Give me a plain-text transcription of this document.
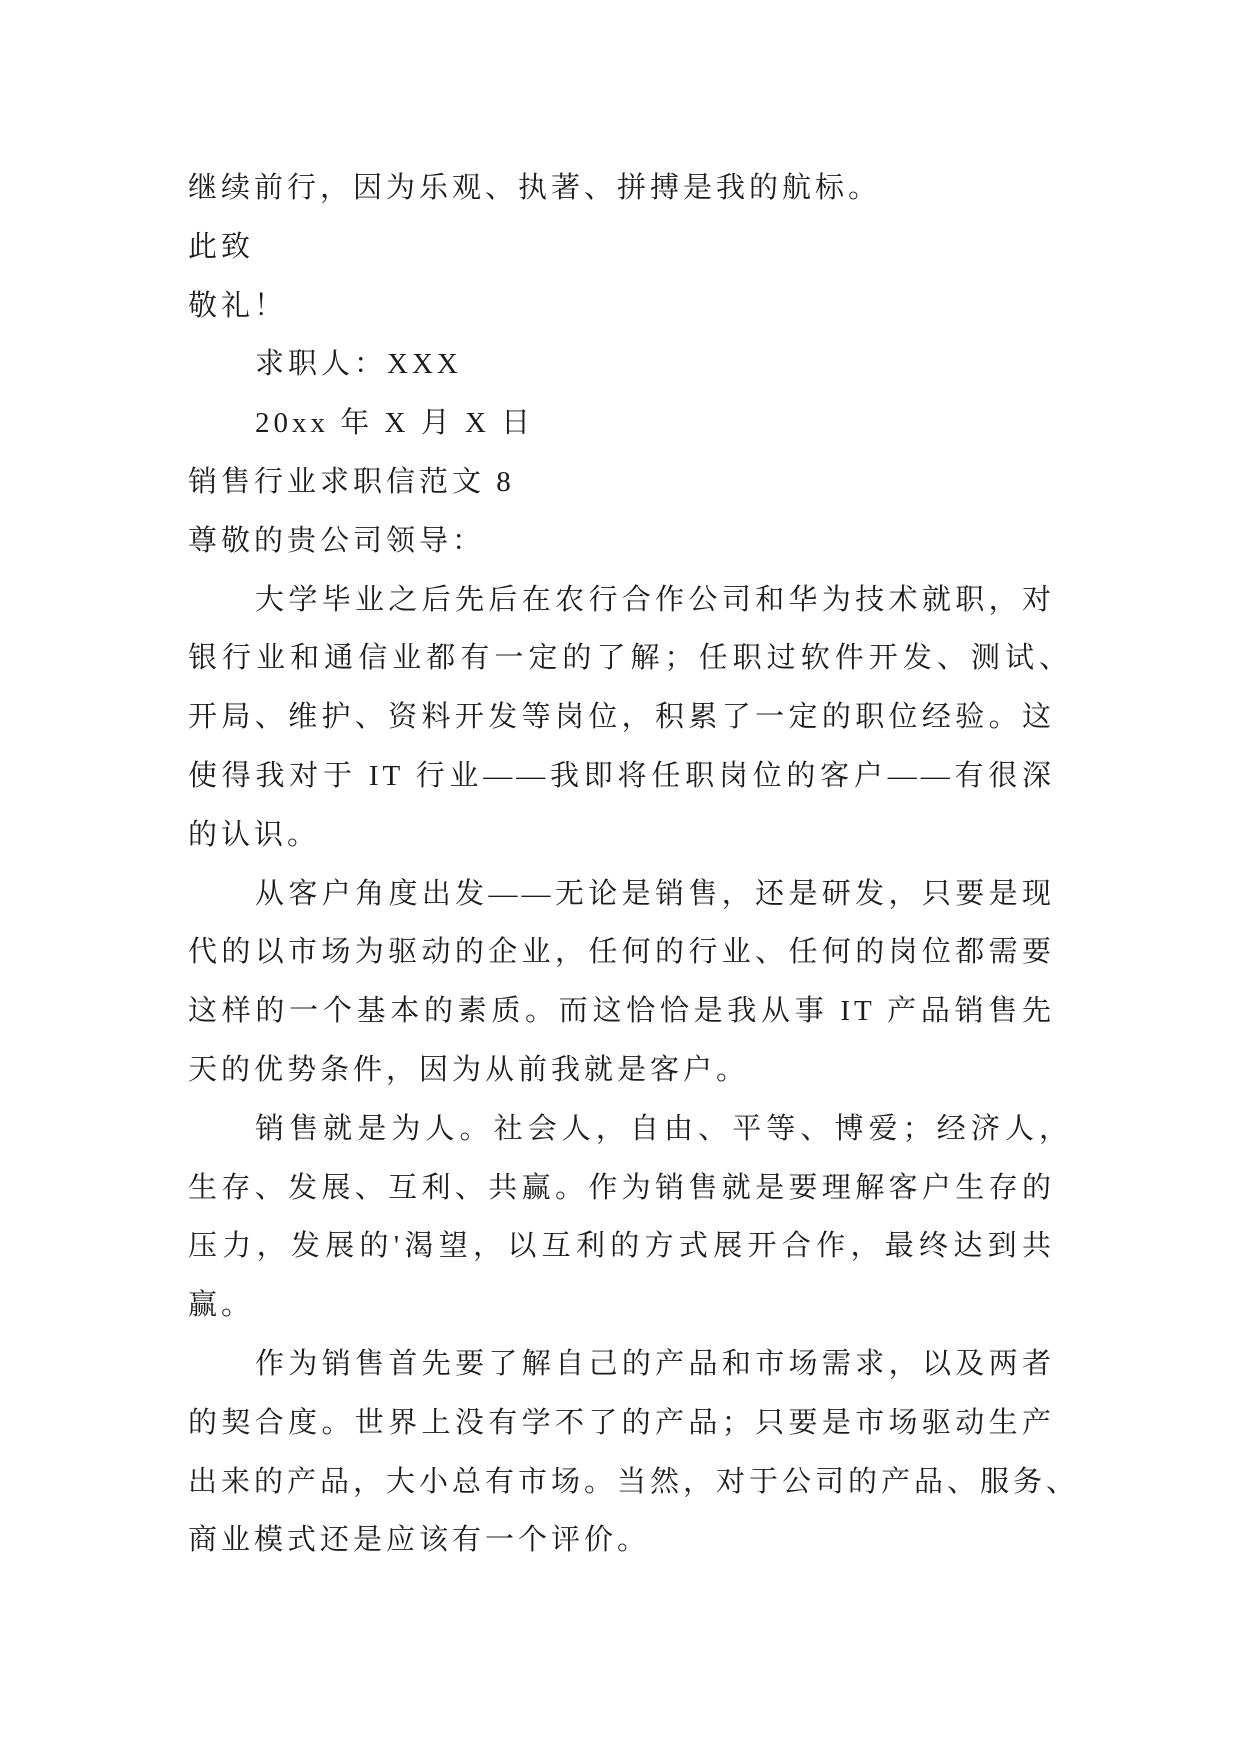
继续前行，因为乐观、执著、拼搏是我的航标。
此致
敬礼！
求职人：XXX
20xx 年 X 月 X 日
销售行业求职信范文 8
尊敬的贵公司领导：
大学毕业之后先后在农行合作公司和华为技术就职，对
银行业和通信业都有一定的了解；任职过软件开发、测试、
开局、维护、资料开发等岗位，积累了一定的职位经验。这
使得我对于 IT 行业——我即将任职岗位的客户——有很深
的认识。
从客户角度出发——无论是销售，还是研发，只要是现
代的以市场为驱动的企业，任何的行业、任何的岗位都需要
这样的一个基本的素质。而这恰恰是我从事 IT 产品销售先
天的优势条件，因为从前我就是客户。
销售就是为人。社会人，自由、平等、博爱；经济人，
生存、发展、互利、共赢。作为销售就是要理解客户生存的
压力，发展的'渴望，以互利的方式展开合作，最终达到共
赢。
作为销售首先要了解自己的产品和市场需求，以及两者
的契合度。世界上没有学不了的产品；只要是市场驱动生产
出来的产品，大小总有市场。当然，对于公司的产品、服务、
商业模式还是应该有一个评价。
